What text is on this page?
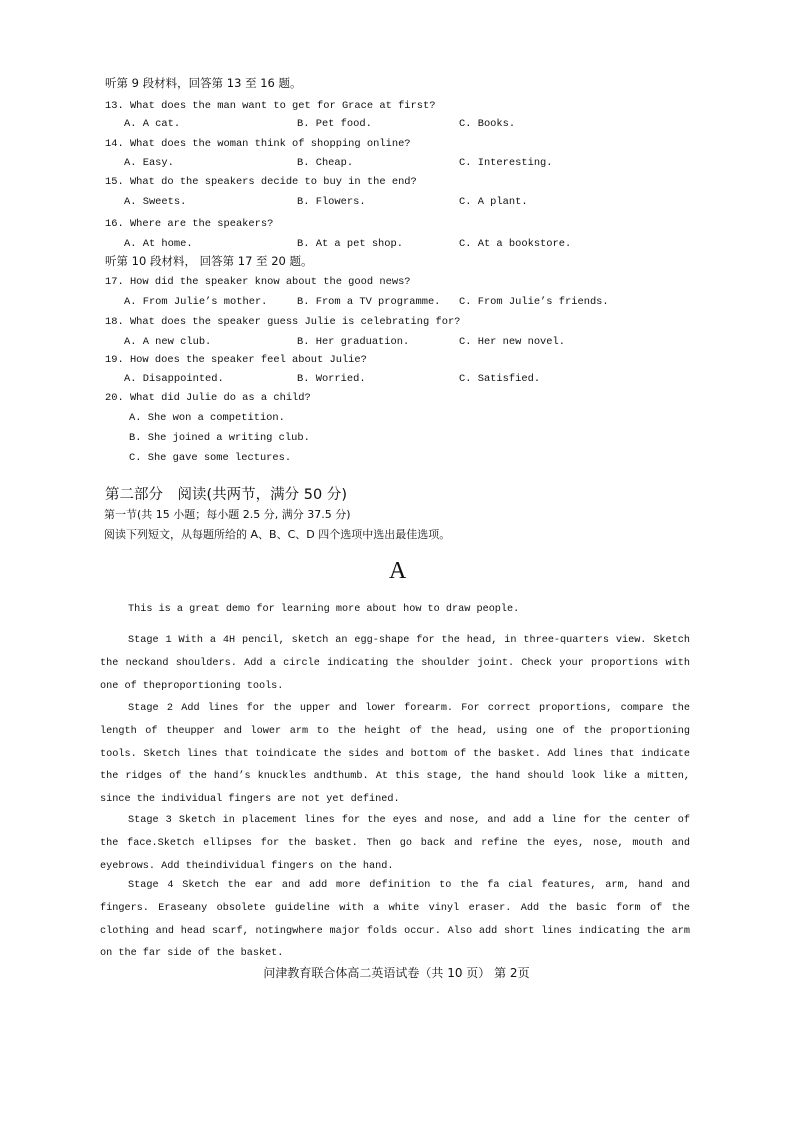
听第 9 段材料，回答第 13 至 16 题。
13. What does the man want to get for Grace at first?
A. A cat.	B. Pet food.	C. Books.
14. What does the woman think of shopping online?
A. Easy.	B. Cheap.	C. Interesting.
15. What do the speakers decide to buy in the end?
A. Sweets.	B. Flowers.	C. A plant.
16. Where are the speakers?
A. At home.	B. At a pet shop.	C. At a bookstore.
听第 10 段材料， 回答第 17 至 20 题。
17. How did the speaker know about the good news?
A. From Julie’s mother.	B. From a TV programme. C. From Julie’s friends.
18. What does the speaker guess Julie is celebrating for?
A. A new club.	B. Her graduation.	C. Her new novel.
19. How does the speaker feel about Julie?
A. Disappointed.	B. Worried.	C. Satisfied.
20. What did Julie do as a child?
A. She won a competition.
B. She joined a writing club.
C. She gave some lectures.
第二部分　阅读(共两节，满分 50 分)
第一节(共 15 小题；每小题 2.5 分, 满分 37.5 分)
阅读下列短文，从每题所给的 A、B、C、D 四个选项中选出最佳选项。
A
This is a great demo for learning more about how to draw people.
Stage 1 With a 4H pencil, sketch an egg-shape for the head, in three-quarters view. Sketch the neckand shoulders. Add a circle indicating the shoulder joint. Check your proportions with one of theproportioning tools.
Stage 2 Add lines for the upper and lower forearm. For correct proportions, compare the length of theupper and lower arm to the height of the head, using one of the proportioning tools. Sketch lines that toindicate the sides and bottom of the basket. Add lines that indicate the ridges of the hand’s knuckles andthumb. At this stage, the hand should look like a mitten, since the individual fingers are not yet defined.
Stage 3 Sketch in placement lines for the eyes and nose, and add a line for the center of the face.Sketch ellipses for the basket. Then go back and refine the eyes, nose, mouth and eyebrows. Add theindividual fingers on the hand.
Stage 4 Sketch the ear and add more definition to the fa cial features, arm, hand and fingers. Eraseany obsolete guideline with a white vinyl eraser. Add the basic form of the clothing and head scarf, notingwhere major folds occur. Also add short lines indicating the arm on the far side of the basket.
问津教育联合体高二英语试卷（共 10 页） 第 2页
